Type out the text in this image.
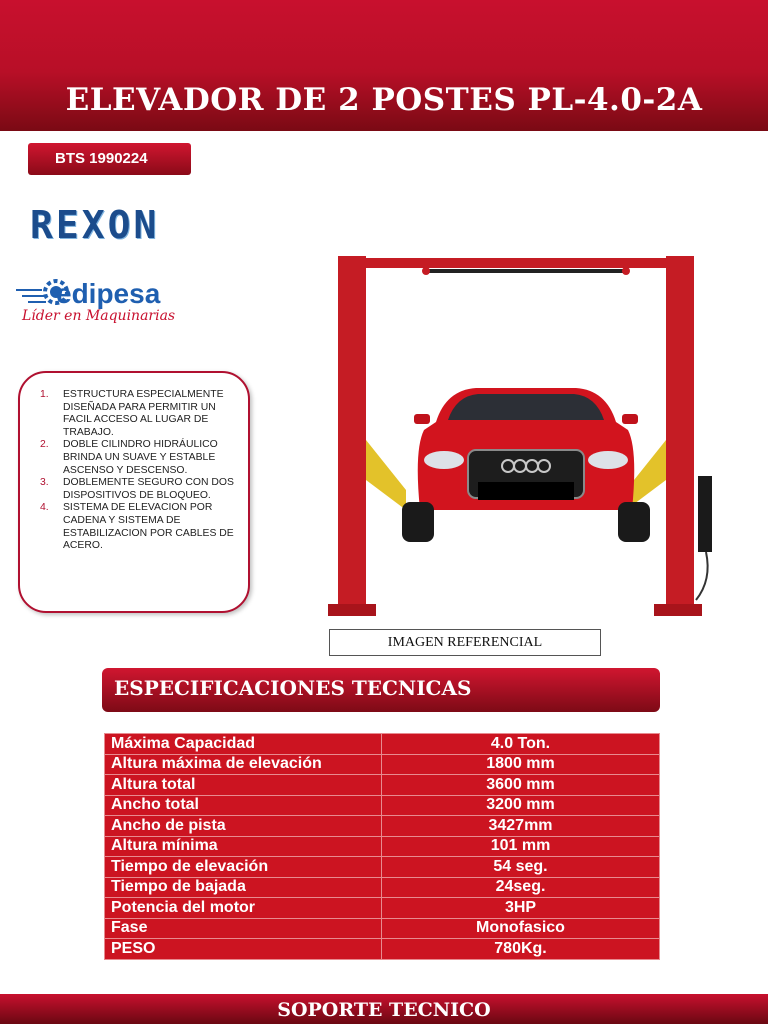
ELEVADOR DE 2 POSTES PL-4.0-2A
BTS 1990224
REXON
edipesa
Líder en Maquinarias
1. ESTRUCTURA ESPECIALMENTE DISEÑADA PARA PERMITIR UN FACIL ACCESO AL LUGAR DE TRABAJO.
2. DOBLE CILINDRO HIDRÁULICO BRINDA UN SUAVE Y ESTABLE ASCENSO Y DESCENSO.
3. DOBLEMENTE SEGURO CON DOS DISPOSITIVOS DE BLOQUEO.
4. SISTEMA DE ELEVACION POR CADENA Y SISTEMA DE ESTABILIZACION POR CABLES DE ACERO.
IMAGEN REFERENCIAL
ESPECIFICACIONES TECNICAS
Máxima Capacidad	4.0 Ton.
Altura máxima de elevación	1800 mm
Altura total	3600 mm
Ancho total	3200 mm
Ancho de pista	3427mm
Altura mínima	101 mm
Tiempo de elevación	54 seg.
Tiempo de bajada	24seg.
Potencia del motor	3HP
Fase	Monofasico
PESO	780Kg.
SOPORTE TECNICO
